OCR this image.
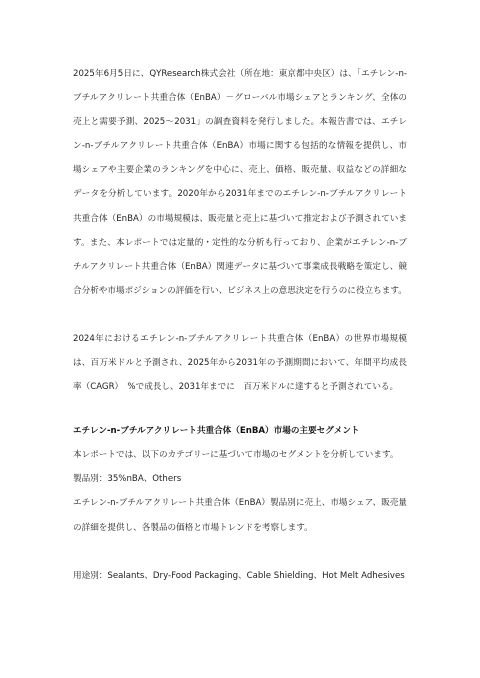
2025年6月5日に、QYResearch株式会社（所在地：東京都中央区）は、「エチレン-n-ブチルアクリレート共重合体（EnBA）－グローバル市場シェアとランキング、全体の売上と需要予測、2025～2031」の調査資料を発行しました。本報告書では、エチレン-n-ブチルアクリレート共重合体（EnBA）市場に関する包括的な情報を提供し、市場シェアや主要企業のランキングを中心に、売上、価格、販売量、収益などの詳細なデータを分析しています。2020年から2031年までのエチレン-n-ブチルアクリレート共重合体（EnBA）の市場規模は、販売量と売上に基づいて推定および予測されています。また、本レポートでは定量的・定性的な分析も行っており、企業がエチレン-n-ブチルアクリレート共重合体（EnBA）関連データに基づいて事業成長戦略を策定し、競合分析や市場ポジションの評価を行い、ビジネス上の意思決定を行うのに役立ちます。

2024年におけるエチレン-n-ブチルアクリレート共重合体（EnBA）の世界市場規模は、百万米ドルと予測され、2025年から2031年の予測期間において、年間平均成長率（CAGR）　%で成長し、2031年までに　百万米ドルに達すると予測されている。

エチレン-n-ブチルアクリレート共重合体（EnBA）市場の主要セグメント

本レポートでは、以下のカテゴリーに基づいて市場のセグメントを分析しています。

製品別：35%nBA、Others

エチレン-n-ブチルアクリレート共重合体（EnBA）製品別に売上、市場シェア、販売量の詳細を提供し、各製品の価格と市場トレンドを考察します。

用途別：Sealants、Dry-Food Packaging、Cable Shielding、Hot Melt Adhesives
